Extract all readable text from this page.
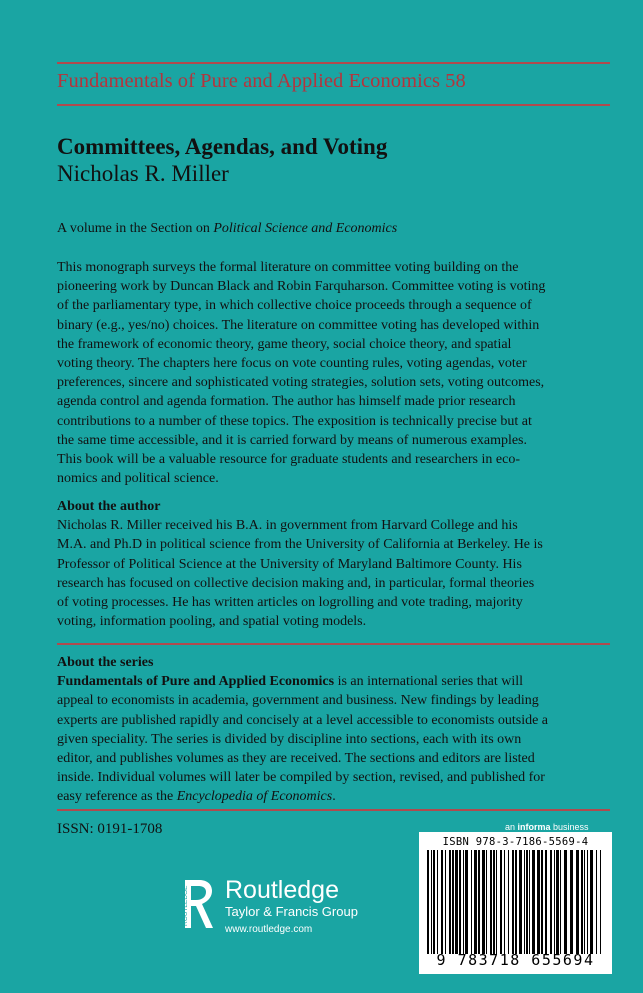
Fundamentals of Pure and Applied Economics 58
Committees, Agendas, and Voting
Nicholas R. Miller
A volume in the Section on Political Science and Economics
This monograph surveys the formal literature on committee voting building on the
pioneering work by Duncan Black and Robin Farquharson. Committee voting is voting
of the parliamentary type, in which collective choice proceeds through a sequence of
binary (e.g., yes/no) choices. The literature on committee voting has developed within
the framework of economic theory, game theory, social choice theory, and spatial
voting theory. The chapters here focus on vote counting rules, voting agendas, voter
preferences, sincere and sophisticated voting strategies, solution sets, voting outcomes,
agenda control and agenda formation. The author has himself made prior research
contributions to a number of these topics. The exposition is technically precise but at
the same time accessible, and it is carried forward by means of numerous examples.
This book will be a valuable resource for graduate students and researchers in eco-
nomics and political science.
About the author
Nicholas R. Miller received his B.A. in government from Harvard College and his
M.A. and Ph.D in political science from the University of California at Berkeley. He is
Professor of Political Science at the University of Maryland Baltimore County. His
research has focused on collective decision making and, in particular, formal theories
of voting processes. He has written articles on logrolling and vote trading, majority
voting, information pooling, and spatial voting models.
About the series
Fundamentals of Pure and Applied Economics is an international series that will
appeal to economists in academia, government and business. New findings by leading
experts are published rapidly and concisely at a level accessible to economists outside a
given speciality. The series is divided by discipline into sections, each with its own
editor, and publishes volumes as they are received. The sections and editors are listed
inside. Individual volumes will later be compiled by section, revised, and published for
easy reference as the Encyclopedia of Economics.
ISSN: 0191-1708	an informa business
ROUTLEDGE Routledge
Taylor & Francis Group
www.routledge.com
ISBN 978-3-7186-5569-4
9 783718 655694
